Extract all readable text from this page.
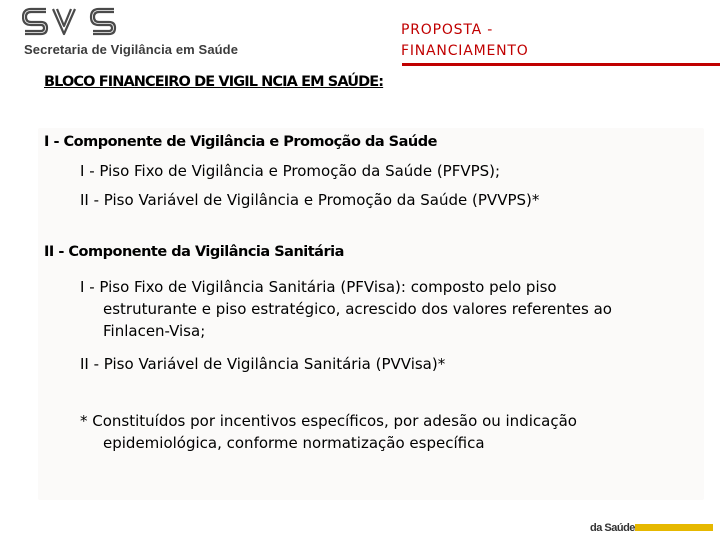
Secretaria de Vigilância em Saúde
PROPOSTA - FINANCIAMENTO
BLOCO FINANCEIRO DE VIGIL NCIA EM SAÚDE:
I - Componente de Vigilância e Promoção da Saúde
I - Piso Fixo de Vigilância e Promoção da Saúde (PFVPS);
II - Piso Variável de Vigilância e Promoção da Saúde (PVVPS)*
II - Componente da Vigilância Sanitária
I - Piso Fixo de Vigilância Sanitária (PFVisa): composto pelo piso
estruturante e piso estratégico, acrescido dos valores referentes ao
Finlacen-Visa;
II - Piso Variável de Vigilância Sanitária (PVVisa)*
* Constituídos por incentivos específicos, por adesão ou indicação
epidemiológica, conforme normatização específica
da Saúde
